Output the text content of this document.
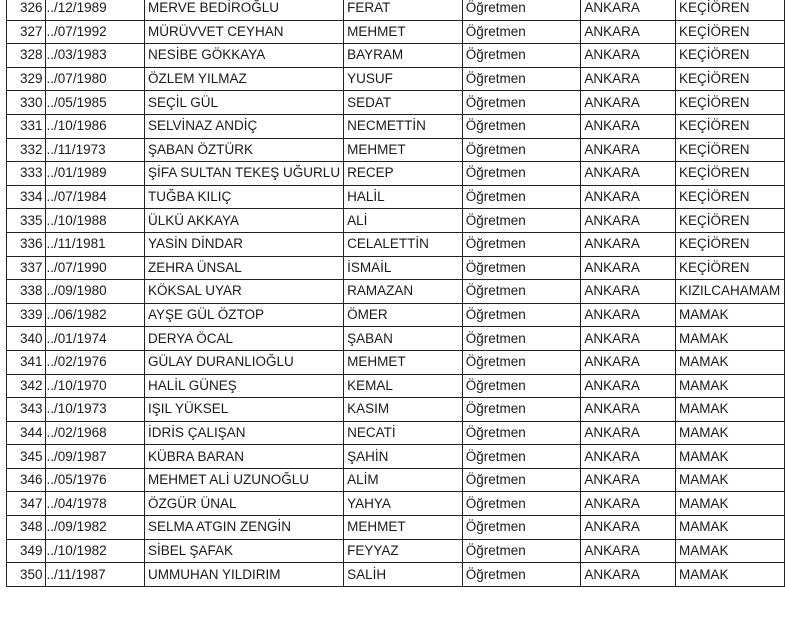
326	../12/1989	MERVE BEDİROĞLU	FERAT	Öğretmen	ANKARA	KEÇİÖREN
327	../07/1992	MÜRÜVVET CEYHAN	MEHMET	Öğretmen	ANKARA	KEÇİÖREN
328	../03/1983	NESİBE GÖKKAYA	BAYRAM	Öğretmen	ANKARA	KEÇİÖREN
329	../07/1980	ÖZLEM YILMAZ	YUSUF	Öğretmen	ANKARA	KEÇİÖREN
330	../05/1985	SEÇİL GÜL	SEDAT	Öğretmen	ANKARA	KEÇİÖREN
331	../10/1986	SELVİNAZ ANDİÇ	NECMETTİN	Öğretmen	ANKARA	KEÇİÖREN
332	../11/1973	ŞABAN ÖZTÜRK	MEHMET	Öğretmen	ANKARA	KEÇİÖREN
333	../01/1989	ŞİFA SULTAN TEKEŞ UĞURLU	RECEP	Öğretmen	ANKARA	KEÇİÖREN
334	../07/1984	TUĞBA KILIÇ	HALİL	Öğretmen	ANKARA	KEÇİÖREN
335	../10/1988	ÜLKÜ AKKAYA	ALİ	Öğretmen	ANKARA	KEÇİÖREN
336	../11/1981	YASİN DİNDAR	CELALETTİN	Öğretmen	ANKARA	KEÇİÖREN
337	../07/1990	ZEHRA ÜNSAL	İSMAİL	Öğretmen	ANKARA	KEÇİÖREN
338	../09/1980	KÖKSAL UYAR	RAMAZAN	Öğretmen	ANKARA	KIZILCAHAMAM
339	../06/1982	AYŞE GÜL ÖZTOP	ÖMER	Öğretmen	ANKARA	MAMAK
340	../01/1974	DERYA ÖCAL	ŞABAN	Öğretmen	ANKARA	MAMAK
341	../02/1976	GÜLAY DURANLIOĞLU	MEHMET	Öğretmen	ANKARA	MAMAK
342	../10/1970	HALİL GÜNEŞ	KEMAL	Öğretmen	ANKARA	MAMAK
343	../10/1973	IŞIL YÜKSEL	KASIM	Öğretmen	ANKARA	MAMAK
344	../02/1968	İDRİS ÇALIŞAN	NECATİ	Öğretmen	ANKARA	MAMAK
345	../09/1987	KÜBRA BARAN	ŞAHİN	Öğretmen	ANKARA	MAMAK
346	../05/1976	MEHMET ALİ UZUNOĞLU	ALİM	Öğretmen	ANKARA	MAMAK
347	../04/1978	ÖZGÜR ÜNAL	YAHYA	Öğretmen	ANKARA	MAMAK
348	../09/1982	SELMA ATGIN ZENGİN	MEHMET	Öğretmen	ANKARA	MAMAK
349	../10/1982	SİBEL ŞAFAK	FEYYAZ	Öğretmen	ANKARA	MAMAK
350	../11/1987	UMMUHAN YILDIRIM	SALİH	Öğretmen	ANKARA	MAMAK
